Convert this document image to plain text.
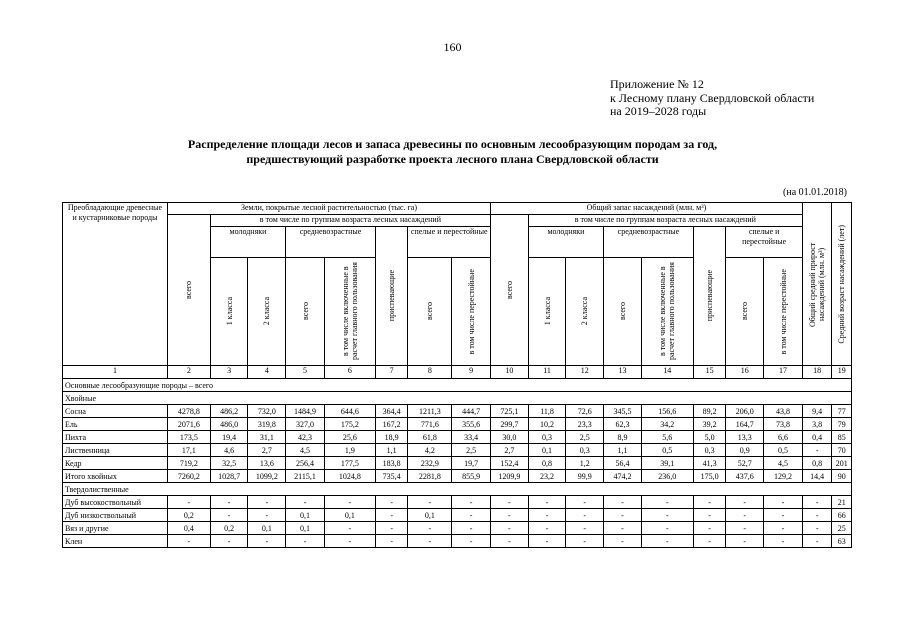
160
Приложение № 12
к Лесному плану Свердловской области
на 2019–2028 годы
Распределение площади лесов и запаса древесины по основным лесообразующим породам за год,
предшествующий разработке проекта лесного плана Свердловской области
(на 01.01.2018)
Преобладающие древесные и кустарниковые породы	Земли, покрытые лесной растительностью (тыс. га)								Общий запас насаждений (млн. м³)								Общий средний прирост насаждений (млн. м³)	Средний возраст насаждений (лет)

	всего	в том числе по группам возраста лесных насаждений							всего	в том числе по группам возраста лесных насаждений								
		молодняки		средневозрастные		приспевающие	спелые и перестойные			молодняки		средневозрастные		приспевающие	спелые и перестойные			

		1 класса	2 класса	всего	в том числе включенные в расчет главного пользования		всего	в том числе перестойные		1 класса	2 класса	всего	в том числе включенные в расчет главного пользования		всего	в том числе перестойные		

1	2	3	4	5	6	7	8	9	10	11	12	13	14	15	16	17	18	19
Основные лесообразующие породы – всего																		
Хвойные																		
Сосна	4278,8	486,2	732,0	1484,9	644,6	364,4	1211,3	444,7	725,1	11,8	72,6	345,5	156,6	89,2	206,0	43,8	9,4	77
Ель	2071,6	486,0	319,8	327,0	175,2	167,2	771,6	355,6	299,7	10,2	23,3	62,3	34,2	39,2	164,7	73,8	3,8	79
Пихта	173,5	19,4	31,1	42,3	25,6	18,9	61,8	33,4	30,0	0,3	2,5	8,9	5,6	5,0	13,3	6,6	0,4	85
Лиственница	17,1	4,6	2,7	4,5	1,9	1,1	4,2	2,5	2,7	0,1	0,3	1,1	0,5	0,3	0,9	0,5	-	70
Кедр	719,2	32,5	13,6	256,4	177,5	183,8	232,9	19,7	152,4	0,8	1,2	56,4	39,1	41,3	52,7	4,5	0,8	201
Итого хвойных	7260,2	1028,7	1099,2	2115,1	1024,8	735,4	2281,8	855,9	1209,9	23,2	99,9	474,2	236,0	175,0	437,6	129,2	14,4	90
Твердолиственные																		
Дуб высокоствольный	-	-	-	-	-	-	-	-	-	-	-	-	-	-	-	-	-	21
Дуб низкоствольный	0,2	-	-	0,1	0,1	-	0,1	-	-	-	-	-	-	-	-	-	-	66
Вяз и другие	0,4	0,2	0,1	0,1	-	-	-	-	-	-	-	-	-	-	-	-	-	25
Клен	-	-	-	-	-	-	-	-	-	-	-	-	-	-	-	-	-	63
